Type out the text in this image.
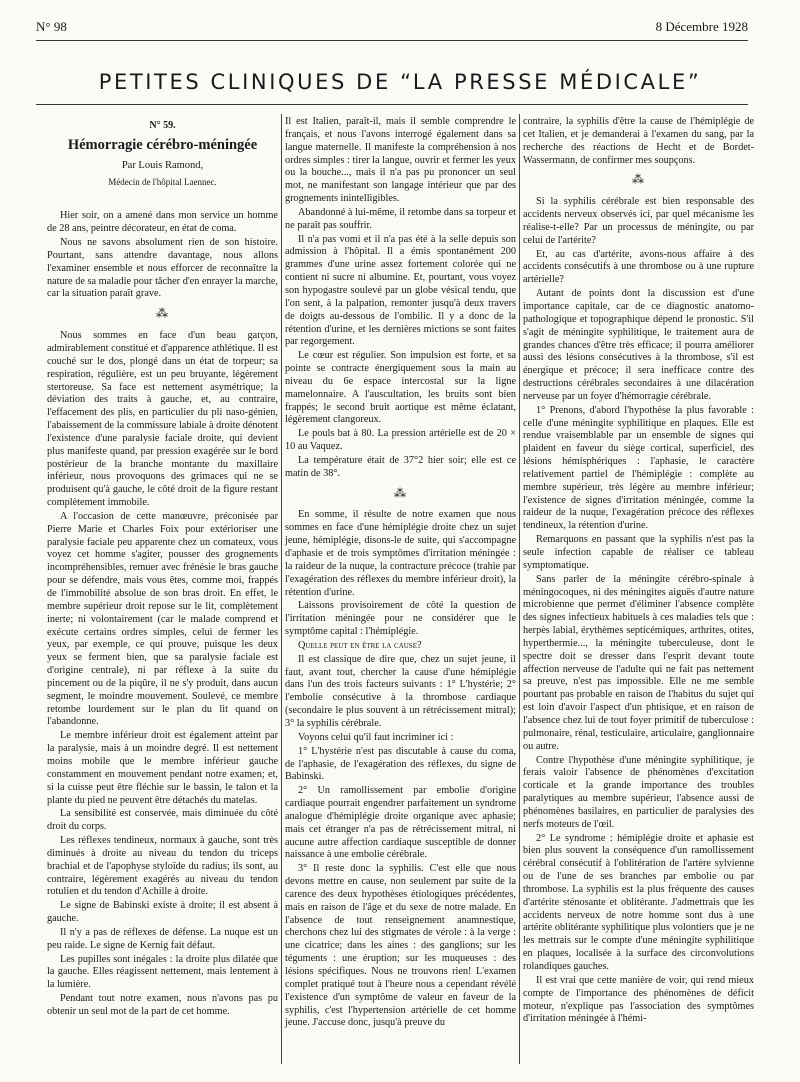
N° 98	8 Décembre 1928
PETITES CLINIQUES DE “LA PRESSE MÉDICALE”
N° 59.
Hémorragie cérébro-méningée
Par Louis Ramond,
Médecin de l'hôpital Laennec.

Hier soir, on a amené dans mon service un homme de 28 ans, peintre décorateur, en état de coma.

Nous ne savons absolument rien de son histoire. Pourtant, sans attendre davantage, nous allons l'examiner ensemble et nous efforcer de reconnaître la nature de sa maladie pour tâcher d'en enrayer la marche, car la situation paraît grave.

⁂

Nous sommes en face d'un beau garçon, admirablement constitué et d'apparence athlétique. Il est couché sur le dos, plongé dans un état de torpeur; sa respiration, régulière, est un peu bruyante, légèrement stertoreuse. Sa face est nettement asymétrique; la déviation des traits à gauche, et, au contraire, l'effacement des plis, en particulier du pli naso-génien, l'abaissement de la commissure labiale à droite dénotent l'existence d'une paralysie faciale droite, qui devient plus manifeste quand, par pression exagérée sur le bord postérieur de la branche montante du maxillaire inférieur, nous provoquons des grimaces qui ne se produisent qu'à gauche, le côté droit de la figure restant complètement immobile.

A l'occasion de cette manœuvre, préconisée par Pierre Marie et Charles Foix pour extérioriser une paralysie faciale peu apparente chez un comateux, vous voyez cet homme s'agiter, pousser des grognements incompréhensibles, remuer avec frénésie le bras gauche pour se défendre, mais vous êtes, comme moi, frappés de l'immobilité absolue de son bras droit. En effet, le membre supérieur droit repose sur le lit, complètement inerte; ni volontairement (car le malade comprend et exécute certains ordres simples, celui de fermer les yeux, par exemple, ce qui prouve, puisque les deux yeux se ferment bien, que sa paralysie faciale est d'origine centrale), ni par réflexe à la suite du pincement ou de la piqûre, il ne s'y produit, dans aucun segment, le moindre mouvement. Soulevé, ce membre retombe lourdement sur le plan du lit quand on l'abandonne.

Le membre inférieur droit est également atteint par la paralysie, mais à un moindre degré. Il est nettement moins mobile que le membre inférieur gauche constamment en mouvement pendant notre examen; et, si la cuisse peut être fléchie sur le bassin, le talon et la plante du pied ne peuvent être détachés du matelas.

La sensibilité est conservée, mais diminuée du côté droit du corps.

Les réflexes tendineux, normaux à gauche, sont très diminués à droite au niveau du tendon du triceps brachial et de l'apophyse styloïde du radius; ils sont, au contraire, légèrement exagérés au niveau du tendon rotulien et du tendon d'Achille à droite.

Le signe de Babinski existe à droite; il est absent à gauche.

Il n'y a pas de réflexes de défense. La nuque est un peu raide. Le signe de Kernig fait défaut.

Les pupilles sont inégales : la droite plus dilatée que la gauche. Elles réagissent nettement, mais lentement à la lumière.

Pendant tout notre examen, nous n'avons pas pu obtenir un seul mot de la part de cet homme.

Il est Italien, paraît-il, mais il semble comprendre le français, et nous l'avons interrogé également dans sa langue maternelle. Il manifeste la compréhension à nos ordres simples : tirer la langue, ouvrir et fermer les yeux ou la bouche..., mais il n'a pas pu prononcer un seul mot, ne manifestant son langage intérieur que par des grognements inintelligibles.

Abandonné à lui-même, il retombe dans sa torpeur et ne paraît pas souffrir.

Il n'a pas vomi et il n'a pas été à la selle depuis son admission à l'hôpital. Il a émis spontanément 200 grammes d'une urine assez fortement colorée qui ne contient ni sucre ni albumine. Et, pourtant, vous voyez son hypogastre soulevé par un globe vésical tendu, que l'on sent, à la palpation, remonter jusqu'à deux travers de doigts au-dessous de l'ombilic. Il y a donc de la rétention d'urine, et les dernières mictions se sont faites par regorgement.

Le cœur est régulier. Son impulsion est forte, et sa pointe se contracte énergiquement sous la main au niveau du 6e espace intercostal sur la ligne mamelonnaire. A l'auscultation, les bruits sont bien frappés; le second bruit aortique est même éclatant, légèrement clangoreux.

Le pouls bat à 80. La pression artérielle est de 20 × 10 au Vaquez.

La température était de 37°2 hier soir; elle est ce matin de 38°.

⁂

En somme, il résulte de notre examen que nous sommes en face d'une hémiplégie droite chez un sujet jeune, hémiplégie, disons-le de suite, qui s'accompagne d'aphasie et de trois symptômes d'irritation méningée : la raideur de la nuque, la contracture précoce (trahie par l'exagération des réflexes du membre inférieur droit), la rétention d'urine.

Laissons provisoirement de côté la question de l'irritation méningée pour ne considérer que le symptôme capital : l'hémiplégie.

Quelle peut en être la cause?

Il est classique de dire que, chez un sujet jeune, il faut, avant tout, chercher la cause d'une hémiplégie dans l'un des trois facteurs suivants : 1° L'hystérie; 2° l'embolie consécutive à la thrombose cardiaque (secondaire le plus souvent à un rétrécissement mitral); 3° la syphilis cérébrale.

Voyons celui qu'il faut incriminer ici :

1° L'hystérie n'est pas discutable à cause du coma, de l'aphasie, de l'exagération des réflexes, du signe de Babinski.

2° Un ramollissement par embolie d'origine cardiaque pourrait engendrer parfaitement un syndrome analogue d'hémiplégie droite organique avec aphasie; mais cet étranger n'a pas de rétrécissement mitral, ni aucune autre affection cardiaque susceptible de donner naissance à une embolie cérébrale.

3° Il reste donc la syphilis. C'est elle que nous devons mettre en cause, non seulement par suite de la carence des deux hypothèses étiologiques précédentes, mais en raison de l'âge et du sexe de notre malade. En l'absence de tout renseignement anamnestique, cherchons chez lui des stigmates de vérole : à la verge : une cicatrice; dans les aines : des ganglions; sur les téguments : une éruption; sur les muqueuses : des lésions spécifiques. Nous ne trouvons rien! L'examen complet pratiqué tout à l'heure nous a cependant révélé l'existence d'un symptôme de valeur en faveur de la syphilis, c'est l'hypertension artérielle de cet homme jeune. J'accuse donc, jusqu'à preuve du

contraire, la syphilis d'être la cause de l'hémiplégie de cet Italien, et je demanderai à l'examen du sang, par la recherche des réactions de Hecht et de Bordet-Wassermann, de confirmer mes soupçons.

⁂

Si la syphilis cérébrale est bien responsable des accidents nerveux observés ici, par quel mécanisme les réalise-t-elle? Par un processus de méningite, ou par celui de l'artérite?

Et, au cas d'artérite, avons-nous affaire à des accidents consécutifs à une thrombose ou à une rupture artérielle?

Autant de points dont la discussion est d'une importance capitale, car de ce diagnostic anatomo-pathologique et topographique dépend le pronostic. S'il s'agit de méningite syphilitique, le traitement aura de grandes chances d'être très efficace; il pourra améliorer aussi des lésions consécutives à la thrombose, s'il est énergique et précoce; il sera inefficace contre des destructions cérébrales secondaires à une dilacération nerveuse par un foyer d'hémorragie cérébrale.

1° Prenons, d'abord l'hypothèse la plus favorable : celle d'une méningite syphilitique en plaques. Elle est rendue vraisemblable par un ensemble de signes qui plaident en faveur du siège cortical, superficiel, des lésions hémisphériques : l'aphasie, le caractère relativement partiel de l'hémiplégie : complète au membre supérieur, très légère au membre inférieur; l'existence de signes d'irritation méningée, comme la raideur de la nuque, l'exagération précoce des réflexes tendineux, la rétention d'urine.

Remarquons en passant que la syphilis n'est pas la seule infection capable de réaliser ce tableau symptomatique.

Sans parler de la méningite cérébro-spinale à méningocoques, ni des méningites aiguës d'autre nature microbienne que permet d'éliminer l'absence complète des signes infectieux habituels à ces maladies tels que : herpès labial, érythèmes septicémiques, arthrites, otites, hyperthermie..., la méningite tuberculeuse, dont le spectre doit se dresser dans l'esprit devant toute affection nerveuse de l'adulte qui ne fait pas nettement sa preuve, n'est pas impossible. Elle ne me semble pourtant pas probable en raison de l'habitus du sujet qui est loin d'avoir l'aspect d'un phtisique, et en raison de l'absence chez lui de tout foyer primitif de tuberculose : pulmonaire, rénal, testiculaire, articulaire, ganglionnaire ou autre.

Contre l'hypothèse d'une méningite syphilitique, je ferais valoir l'absence de phénomènes d'excitation corticale et la grande importance des troubles paralytiques au membre supérieur, l'absence aussi de phénomènes basilaires, en particulier de paralysies des nerfs moteurs de l'œil.

2° Le syndrome : hémiplégie droite et aphasie est bien plus souvent la conséquence d'un ramollissement cérébral consécutif à l'oblitération de l'artère sylvienne ou de l'une de ses branches par embolie ou par thrombose. La syphilis est la plus fréquente des causes d'artérite sténosante et oblitérante. J'admettrais que les accidents nerveux de notre homme sont dus à une artérite oblitérante syphilitique plus volontiers que je ne les mettrais sur le compte d'une méningite syphilitique en plaques, localisée à la surface des circonvolutions rolandiques gauches.

Il est vrai que cette manière de voir, qui rend mieux compte de l'importance des phénomènes de déficit moteur, n'explique pas l'association des symptômes d'irritation méningée à l'hémi-
